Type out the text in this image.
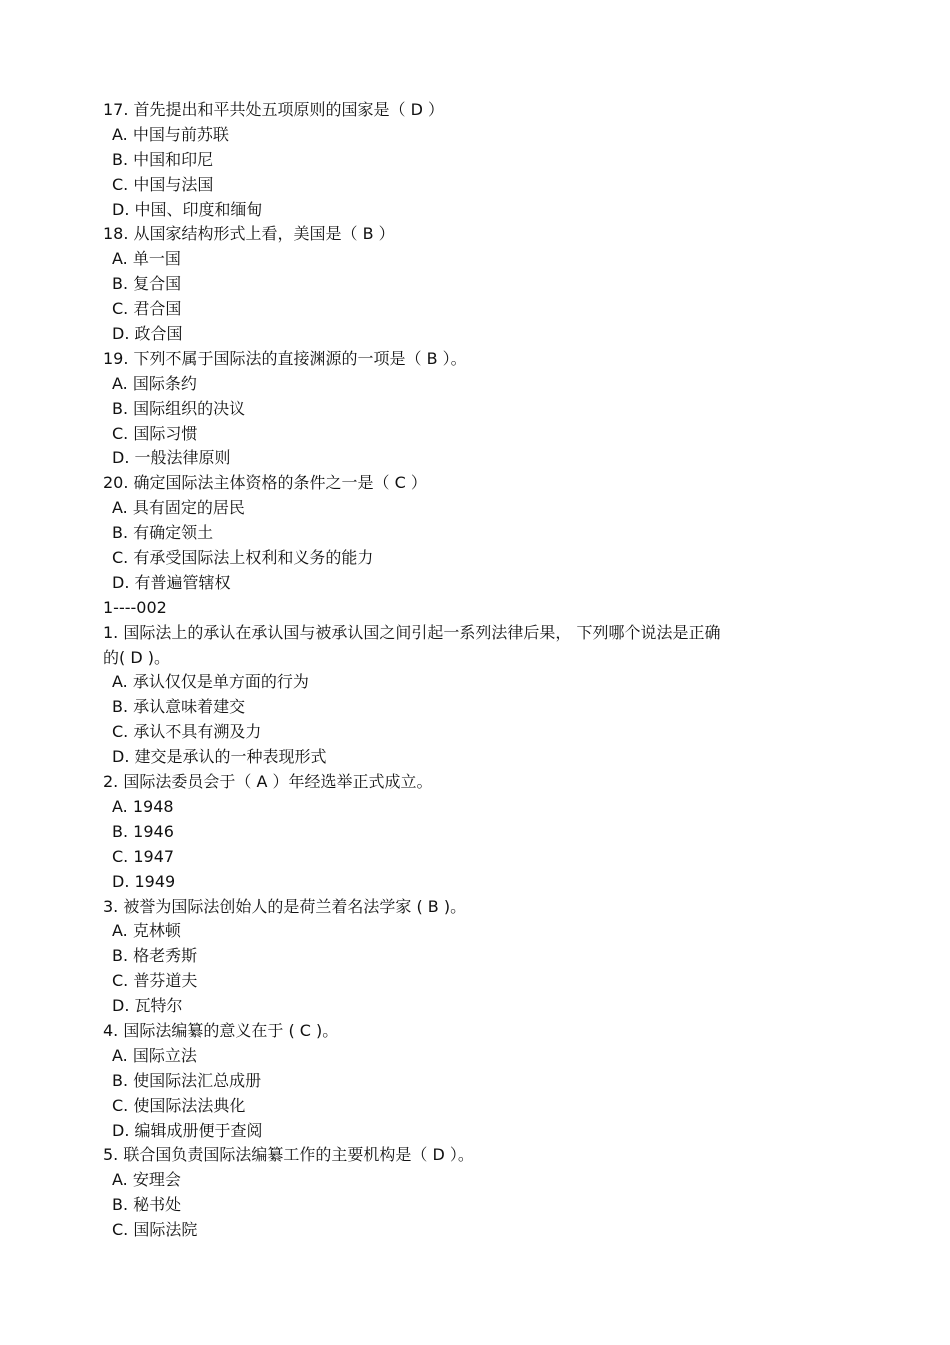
17. 首先提出和平共处五项原则的国家是（ D ）
A. 中国与前苏联
B. 中国和印尼
C. 中国与法国
D. 中国、印度和缅甸
18. 从国家结构形式上看，美国是（ B ）
A. 单一国
B. 复合国
C. 君合国
D. 政合国
19. 下列不属于国际法的直接渊源的一项是（ B ）。
A. 国际条约
B. 国际组织的决议
C. 国际习惯
D. 一般法律原则
20. 确定国际法主体资格的条件之一是（ C ）
A. 具有固定的居民
B. 有确定领土
C. 有承受国际法上权利和义务的能力
D. 有普遍管辖权
1----002
1. 国际法上的承认在承认国与被承认国之间引起一系列法律后果， 下列哪个说法是正确
的( D )。
A. 承认仅仅是单方面的行为
B. 承认意味着建交
C. 承认不具有溯及力
D. 建交是承认的一种表现形式
2. 国际法委员会于（ A ）年经选举正式成立。
A. 1948
B. 1946
C. 1947
D. 1949
3. 被誉为国际法创始人的是荷兰着名法学家 ( B )。
A. 克林顿
B. 格老秀斯
C. 普芬道夫
D. 瓦特尔
4. 国际法编纂的意义在于 ( C )。
A. 国际立法
B. 使国际法汇总成册
C. 使国际法法典化
D. 编辑成册便于查阅
5. 联合国负责国际法编纂工作的主要机构是（ D ）。
A. 安理会
B. 秘书处
C. 国际法院
